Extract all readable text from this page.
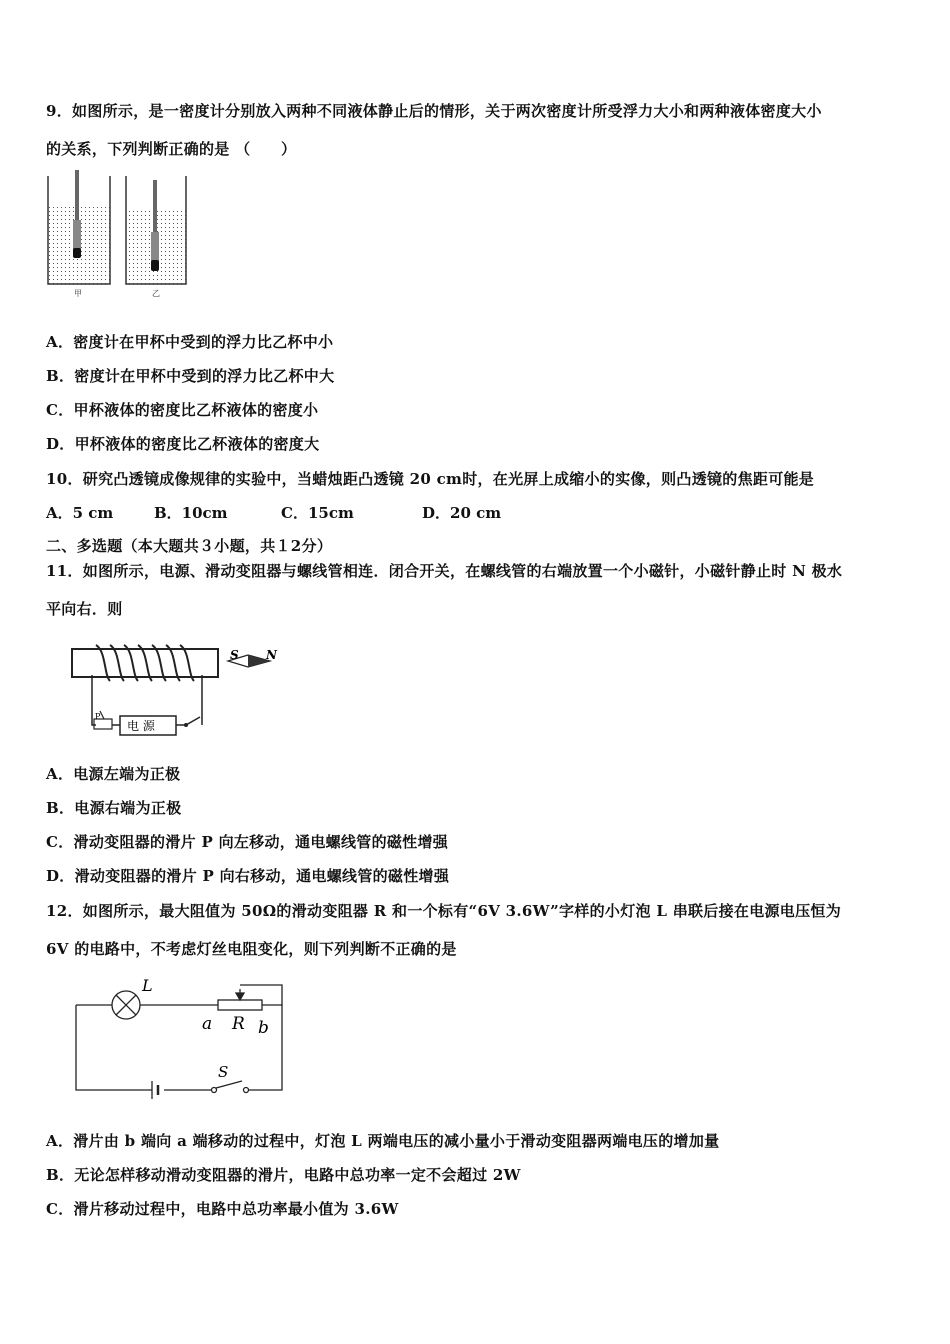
9．如图所示，是一密度计分别放入两种不同液体静止后的情形，关于两次密度计所受浮力大小和两种液体密度大小
的关系，下列判断正确的是 （　　）
甲	乙
A．密度计在甲杯中受到的浮力比乙杯中小
B．密度计在甲杯中受到的浮力比乙杯中大
C．甲杯液体的密度比乙杯液体的密度小
D．甲杯液体的密度比乙杯液体的密度大
10．研究凸透镜成像规律的实验中，当蜡烛距凸透镜 20 cm时，在光屏上成缩小的实像，则凸透镜的焦距可能是
A．5 cm	B．10cm	C．15cm	D．20 cm
二、多选题（本大题共３小题，共１2分）
11．如图所示，电源、滑动变阻器与螺线管相连．闭合开关，在螺线管的右端放置一个小磁针，小磁针静止时 N 极水
平向右．则
P
电 源
S N
A．电源左端为正极
B．电源右端为正极
C．滑动变阻器的滑片 P 向左移动，通电螺线管的磁性增强
D．滑动变阻器的滑片 P 向右移动，通电螺线管的磁性增强
12．如图所示，最大阻值为 50Ω的滑动变阻器 R 和一个标有“6V 3.6W”字样的小灯泡 L 串联后接在电源电压恒为
6V 的电路中，不考虑灯丝电阻变化，则下列判断不正确的是
L
a R b
S
A．滑片由 b 端向 a 端移动的过程中，灯泡 L 两端电压的减小量小于滑动变阻器两端电压的增加量
B．无论怎样移动滑动变阻器的滑片，电路中总功率一定不会超过 2W
C．滑片移动过程中，电路中总功率最小值为 3.6W
